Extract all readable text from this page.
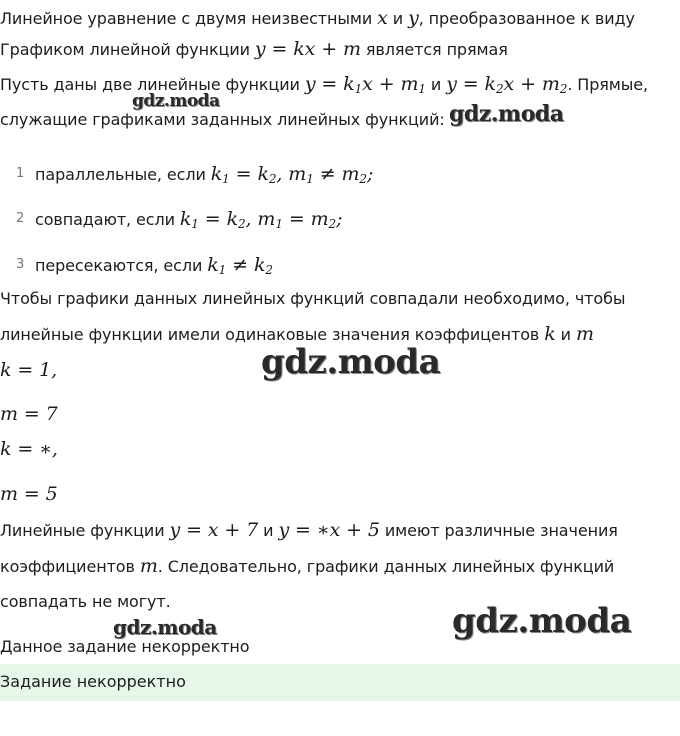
Линейное уравнение с двумя неизвестными x и y, преобразованное к виду
Графиком линейной функции y = kx + m является прямая
Пусть даны две линейные функции $y = k_1x + m_1$ и $y = k_2x + m_2$. Прямые,
служащие графиками заданных линейных функций:
1 параллельные, если $k_1 = k_2$, $m_1 \ne m_2$;
2 совпадают, если $k_1 = k_2$, $m_1 = m_2$;
3 пересекаются, если $k_1 \ne k_2$
Чтобы графики данных линейных функций совпадали необходимо, чтобы
линейные функции имели одинаковые значения коэффицентов k и m
k = 1,
m = 7
k = ∗,
m = 5
Линейные функции y = x + 7 и y = ∗x + 5 имеют различные значения
коэффициентов m. Следовательно, графики данных линейных функций
совпадать не могут.
Данное задание некорректно
Задание некорректно
gdz.moda	gdz.moda
gdz.moda
gdz.moda	gdz.moda
